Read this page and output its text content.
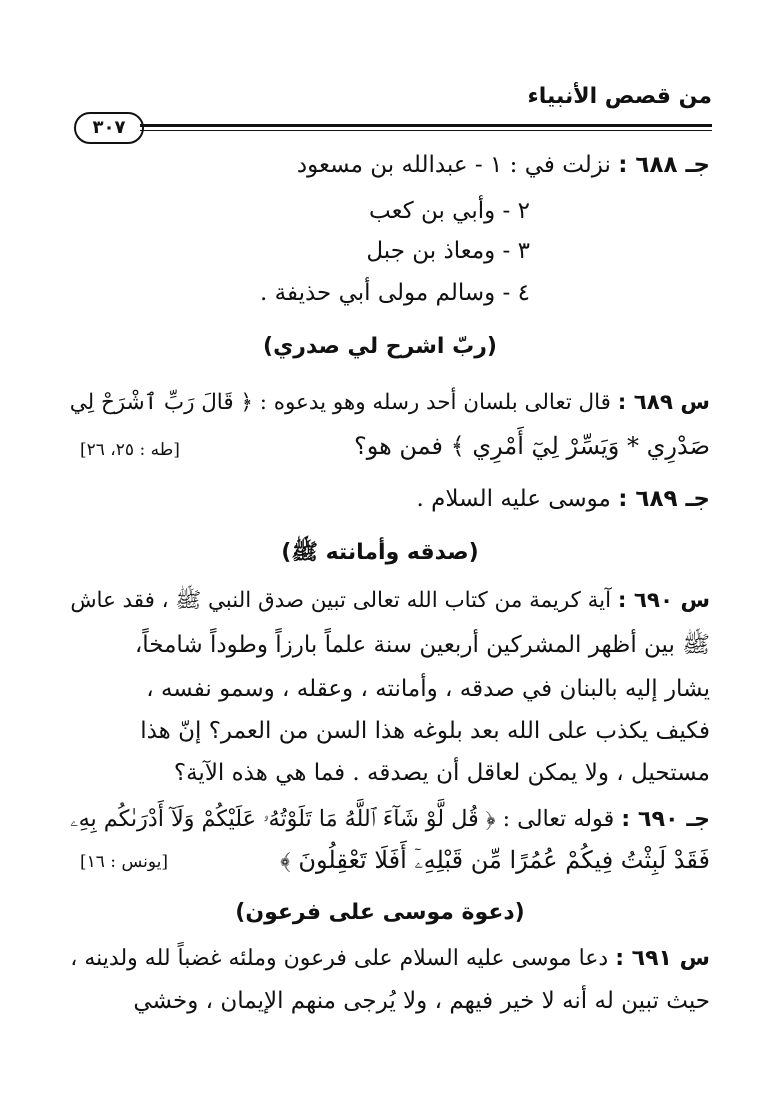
من قصص الأنبياء
٣٠٧
جـ ٦٨٨ : نزلت في : ١ - عبدالله بن مسعود
٢ - وأبي بن كعب
٣ - ومعاذ بن جبل
٤ - وسالم مولى أبي حذيفة .
(ربّ اشرح لي صدري)
س ٦٨٩ : قال تعالى بلسان أحد رسله وهو يدعوه : ﴿ قَالَ رَبِّ ٱشْرَحْ لِي
صَدْرِي * وَيَسِّرْ لِيٓ أَمْرِي ﴾ فمن هو؟
[طه : ٢٥، ٢٦]
جـ ٦٨٩ : موسى عليه السلام .
(صدقه وأمانته ﷺ)
س ٦٩٠ : آية كريمة من كتاب الله تعالى تبين صدق النبي ﷺ ، فقد عاش
ﷺ بين أظهر المشركين أربعين سنة علماً بارزاً وطوداً شامخاً،
يشار إليه بالبنان في صدقه ، وأمانته ، وعقله ، وسمو نفسه ،
فكيف يكذب على الله بعد بلوغه هذا السن من العمر؟ إنّ هذا
مستحيل ، ولا يمكن لعاقل أن يصدقه . فما هي هذه الآية؟
جـ ٦٩٠ : قوله تعالى : ﴿ قُل لَّوْ شَآءَ ٱللَّهُ مَا تَلَوْتُهُۥ عَلَيْكُمْ وَلَآ أَدْرَىٰكُم بِهِۦ
فَقَدْ لَبِثْتُ فِيكُمْ عُمُرًا مِّن قَبْلِهِۦٓ أَفَلَا تَعْقِلُونَ ﴾
[يونس : ١٦]
(دعوة موسى على فرعون)
س ٦٩١ : دعا موسى عليه السلام على فرعون وملئه غضباً لله ولدينه ،
حيث تبين له أنه لا خير فيهم ، ولا يُرجى منهم الإيمان ، وخشي
